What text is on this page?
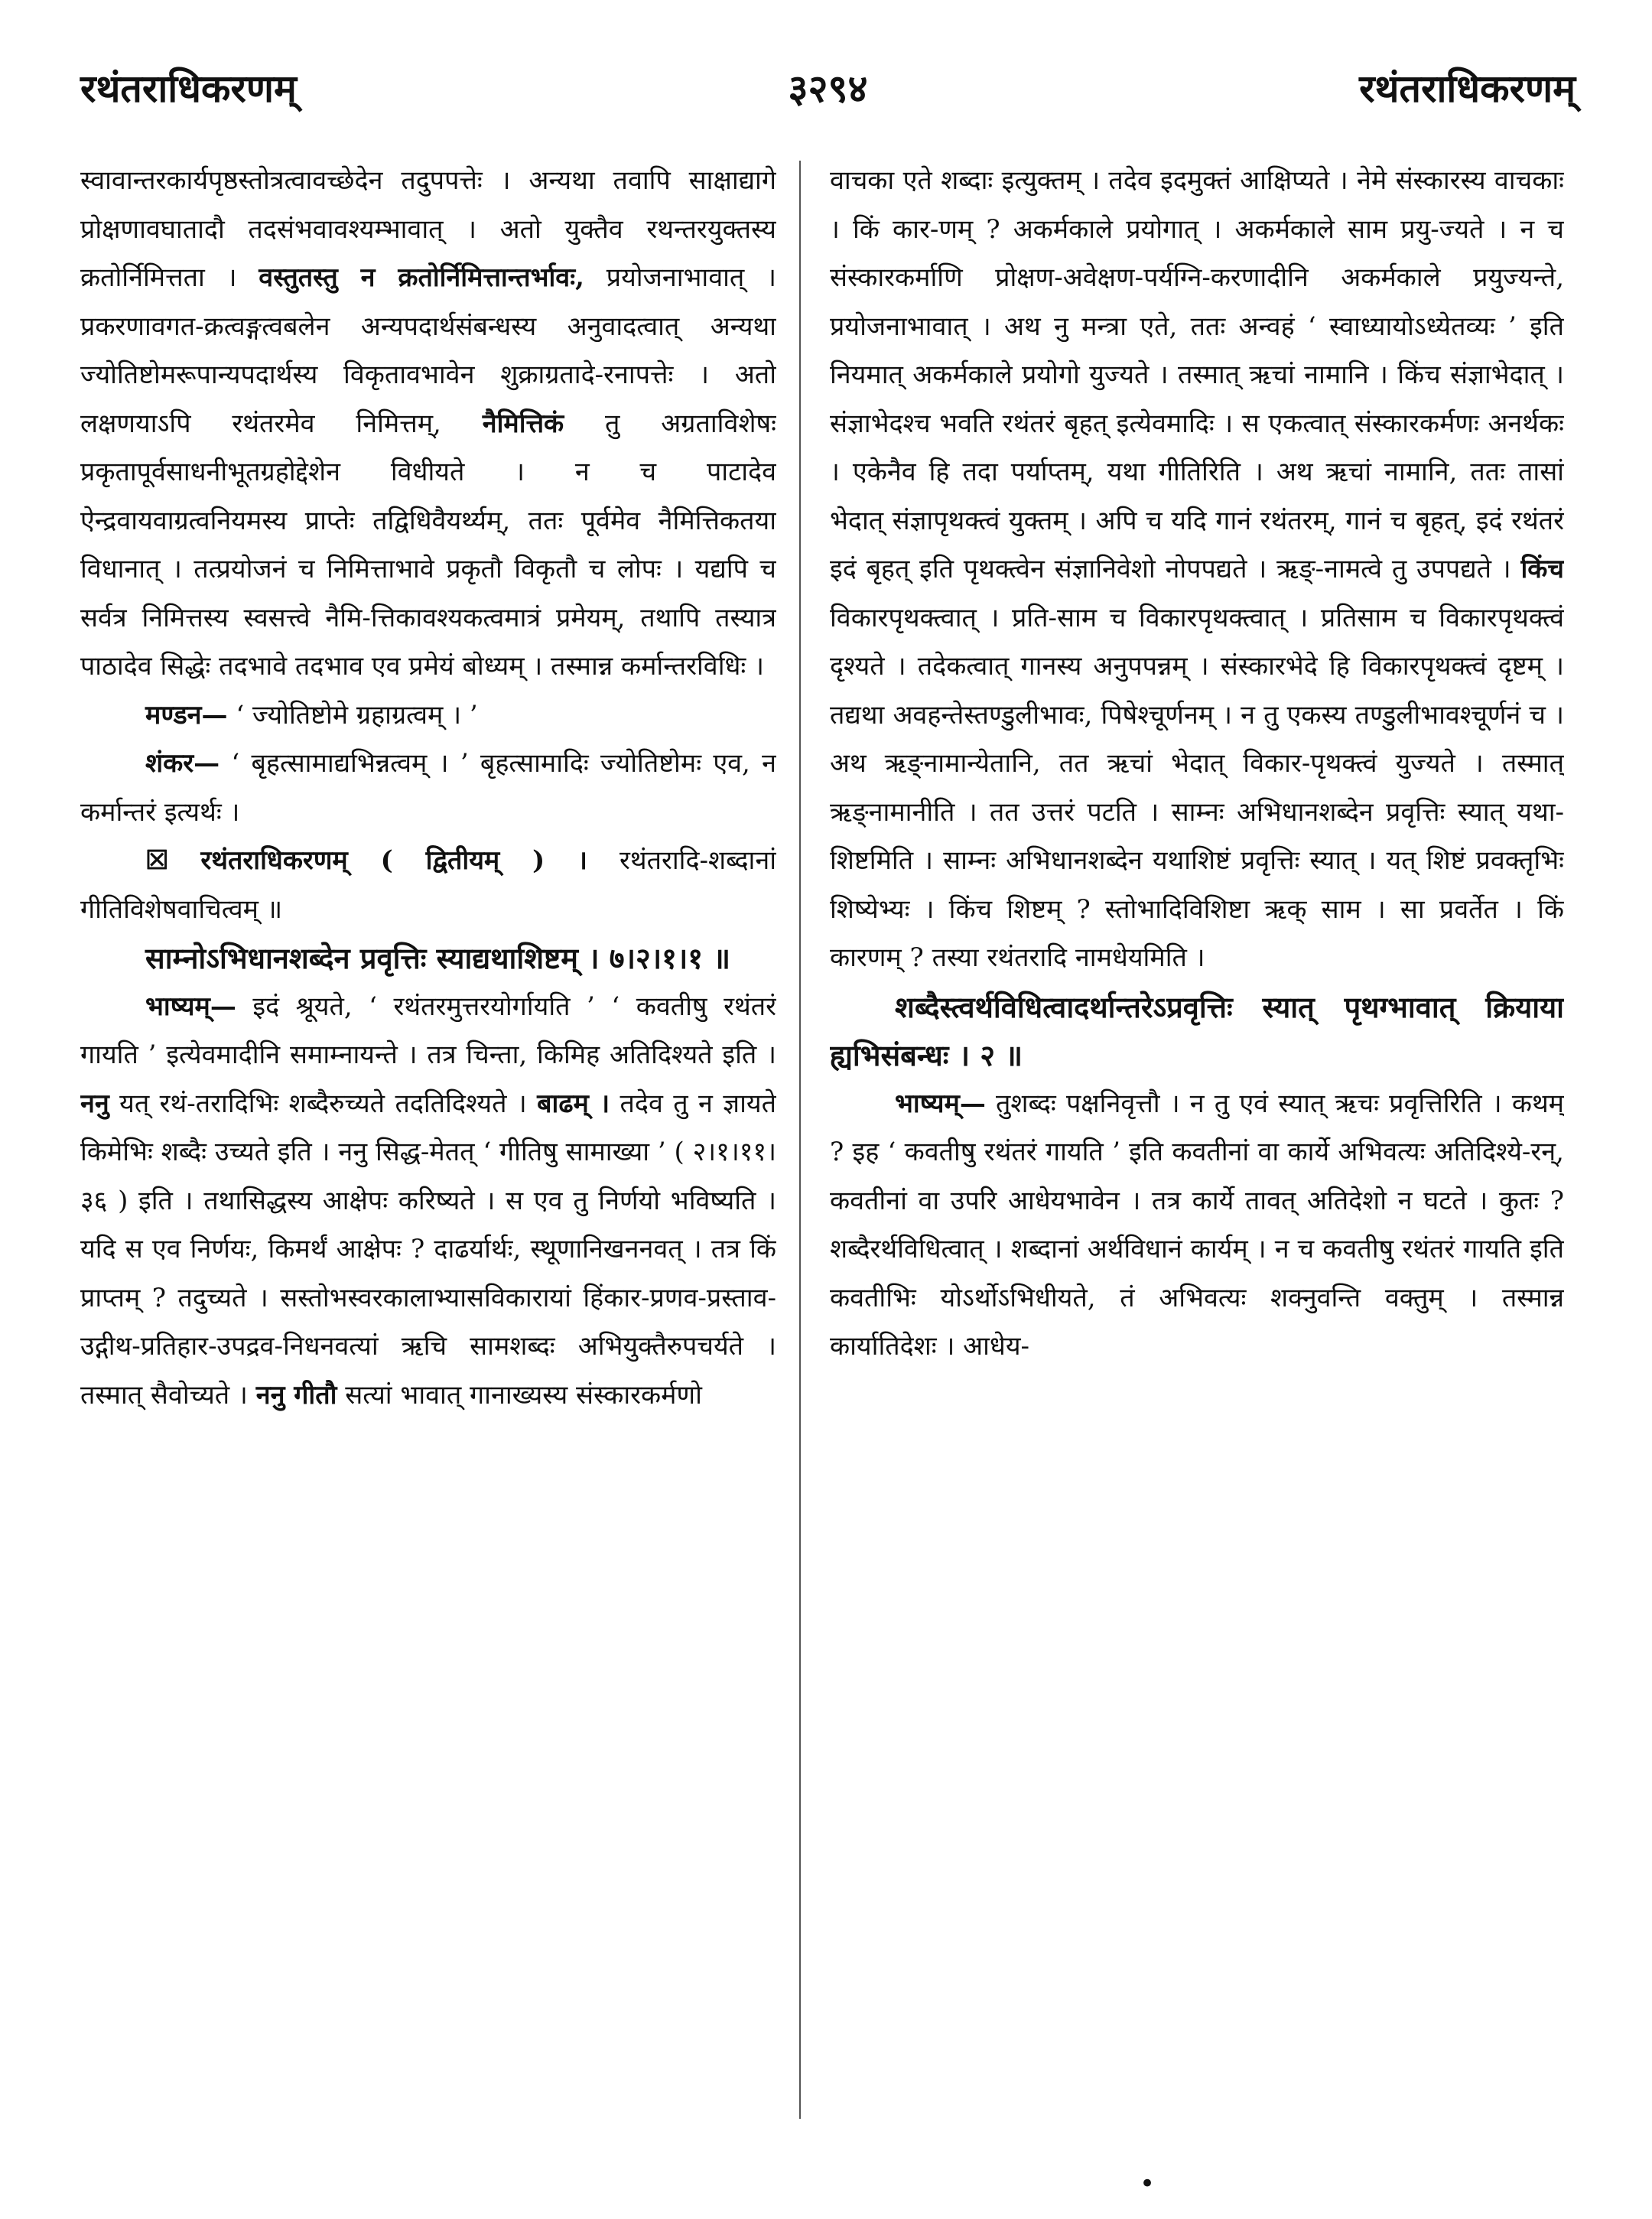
रथंतराधिकरणम्	३२९४	रथंतराधिकरणम्

स्वावान्तरकार्यपृष्ठस्तोत्रत्वावच्छेदेन तदुपपत्तेः । अन्यथा तवापि साक्षाद्यागे प्रोक्षणावघातादौ तदसंभवावश्यम्भावात् । अतो युक्तैव रथन्तरयुक्तस्य क्रतोर्निमित्तता । वस्तुतस्तु न क्रतोर्निमित्तान्तर्भावः, प्रयोजनाभावात् । प्रकरणावगत-क्रत्वङ्गत्वबलेन अन्यपदार्थसंबन्धस्य अनुवादत्वात् अन्यथा ज्योतिष्टोमरूपान्यपदार्थस्य विकृतावभावेन शुक्राग्रतादे-रनापत्तेः । अतो लक्षणयाऽपि रथंतरमेव निमित्तम्, नैमित्तिकं तु अग्रताविशेषः प्रकृतापूर्वसाधनीभूतग्रहोद्देशेन विधीयते । न च पाटादेव ऐन्द्रवायवाग्रत्वनियमस्य प्राप्तेः तद्विधिवैयर्थ्यम्, ततः पूर्वमेव नैमित्तिकतया विधानात् । तत्प्रयोजनं च निमित्ताभावे प्रकृतौ विकृतौ च लोपः । यद्यपि च सर्वत्र निमित्तस्य स्वसत्त्वे नैमि-त्तिकावश्यकत्वमात्रं प्रमेयम्, तथापि तस्यात्र पाठादेव सिद्धेः तदभावे तदभाव एव प्रमेयं बोध्यम् । तस्मान्न कर्मान्तरविधिः ।

मण्डन— ‘ ज्योतिष्टोमे ग्रहाग्रत्वम् । ’

शंकर— ‘ बृहत्सामाद्यभिन्नत्वम् । ’ बृहत्सामादिः ज्योतिष्टोमः एव, न कर्मान्तरं इत्यर्थः ।

☒ रथंतराधिकरणम् ( द्वितीयम् ) । रथंतरादि-शब्दानां गीतिविशेषवाचित्वम् ॥

साम्नोऽभिधानशब्देन प्रवृत्तिः स्याद्यथाशिष्टम् । ७।२।१।१ ॥

भाष्यम्— इदं श्रूयते, ‘ रथंतरमुत्तरयोर्गायति ’ ‘ कवतीषु रथंतरं गायति ’ इत्येवमादीनि समाम्नायन्ते । तत्र चिन्ता, किमिह अतिदिश्यते इति । ननु यत् रथं-तरादिभिः शब्दैरुच्यते तदतिदिश्यते । बाढम् । तदेव तु न ज्ञायते किमेभिः शब्दैः उच्यते इति । ननु सिद्ध-मेतत् ‘ गीतिषु सामाख्या ’ ( २।१।११।३६ ) इति । तथासिद्धस्य आक्षेपः करिष्यते । स एव तु निर्णयो भविष्यति । यदि स एव निर्णयः, किमर्थं आक्षेपः ? दाढर्यार्थः, स्थूणानिखननवत् । तत्र किं प्राप्तम् ? तदुच्यते । सस्तोभस्वरकालाभ्यासविकारायां हिंकार-प्रणव-प्रस्ताव-उद्गीथ-प्रतिहार-उपद्रव-निधनवत्यां ऋचि सामशब्दः अभियुक्तैरुपचर्यते । तस्मात् सैवोच्यते । ननु गीतौ सत्यां भावात् गानाख्यस्य संस्कारकर्मणो

वाचका एते शब्दाः इत्युक्तम् । तदेव इदमुक्तं आक्षिप्यते । नेमे संस्कारस्य वाचकाः । किं कार-णम् ? अकर्मकाले प्रयोगात् । अकर्मकाले साम प्रयु-ज्यते । न च संस्कारकर्माणि प्रोक्षण-अवेक्षण-पर्यग्नि-करणादीनि अकर्मकाले प्रयुज्यन्ते, प्रयोजनाभावात् । अथ नु मन्त्रा एते, ततः अन्वहं ‘ स्वाध्यायोऽध्येतव्यः ’ इति नियमात् अकर्मकाले प्रयोगो युज्यते । तस्मात् ऋचां नामानि । किंच संज्ञाभेदात् । संज्ञाभेदश्च भवति रथंतरं बृहत् इत्येवमादिः । स एकत्वात् संस्कारकर्मणः अनर्थकः । एकेनैव हि तदा पर्याप्तम्, यथा गीतिरिति । अथ ऋचां नामानि, ततः तासां भेदात् संज्ञापृथक्त्वं युक्तम् । अपि च यदि गानं रथंतरम्, गानं च बृहत्, इदं रथंतरं इदं बृहत् इति पृथक्त्वेन संज्ञानिवेशो नोपपद्यते । ऋङ्-नामत्वे तु उपपद्यते । किंच विकारपृथक्त्वात् । प्रति-साम च विकारपृथक्त्वात् । प्रतिसाम च विकारपृथक्त्वं दृश्यते । तदेकत्वात् गानस्य अनुपपन्नम् । संस्कारभेदे हि विकारपृथक्त्वं दृष्टम् । तद्यथा अवहन्तेस्तण्डुलीभावः, पिषेश्चूर्णनम् । न तु एकस्य तण्डुलीभावश्चूर्णनं च । अथ ऋङ्नामान्येतानि, तत ऋचां भेदात् विकार-पृथक्त्वं युज्यते । तस्मात् ऋङ्नामानीति । तत उत्तरं पटति । साम्नः अभिधानशब्देन प्रवृत्तिः स्यात् यथा-शिष्टमिति । साम्नः अभिधानशब्देन यथाशिष्टं प्रवृत्तिः स्यात् । यत् शिष्टं प्रवक्तृभिः शिष्येभ्यः । किंच शिष्टम् ? स्तोभादिविशिष्टा ऋक् साम । सा प्रवर्तेत । किं कारणम् ? तस्या रथंतरादि नामधेयमिति ।

शब्दैस्त्वर्थविधित्वादर्थान्तरेऽप्रवृत्तिः स्यात् पृथग्भावात् क्रियाया ह्यभिसंबन्धः । २ ॥

भाष्यम्— तुशब्दः पक्षनिवृत्तौ । न तु एवं स्यात् ऋचः प्रवृत्तिरिति । कथम् ? इह ‘ कवतीषु रथंतरं गायति ’ इति कवतीनां वा कार्ये अभिवत्यः अतिदिश्ये-रन्, कवतीनां वा उपरि आधेयभावेन । तत्र कार्ये तावत् अतिदेशो न घटते । कुतः ? शब्दैरर्थविधित्वात् । शब्दानां अर्थविधानं कार्यम् । न च कवतीषु रथंतरं गायति इति कवतीभिः योऽर्थोऽभिधीयते, तं अभिवत्यः शक्नुवन्ति वक्तुम् । तस्मान्न कार्यातिदेशः । आधेय-

•
